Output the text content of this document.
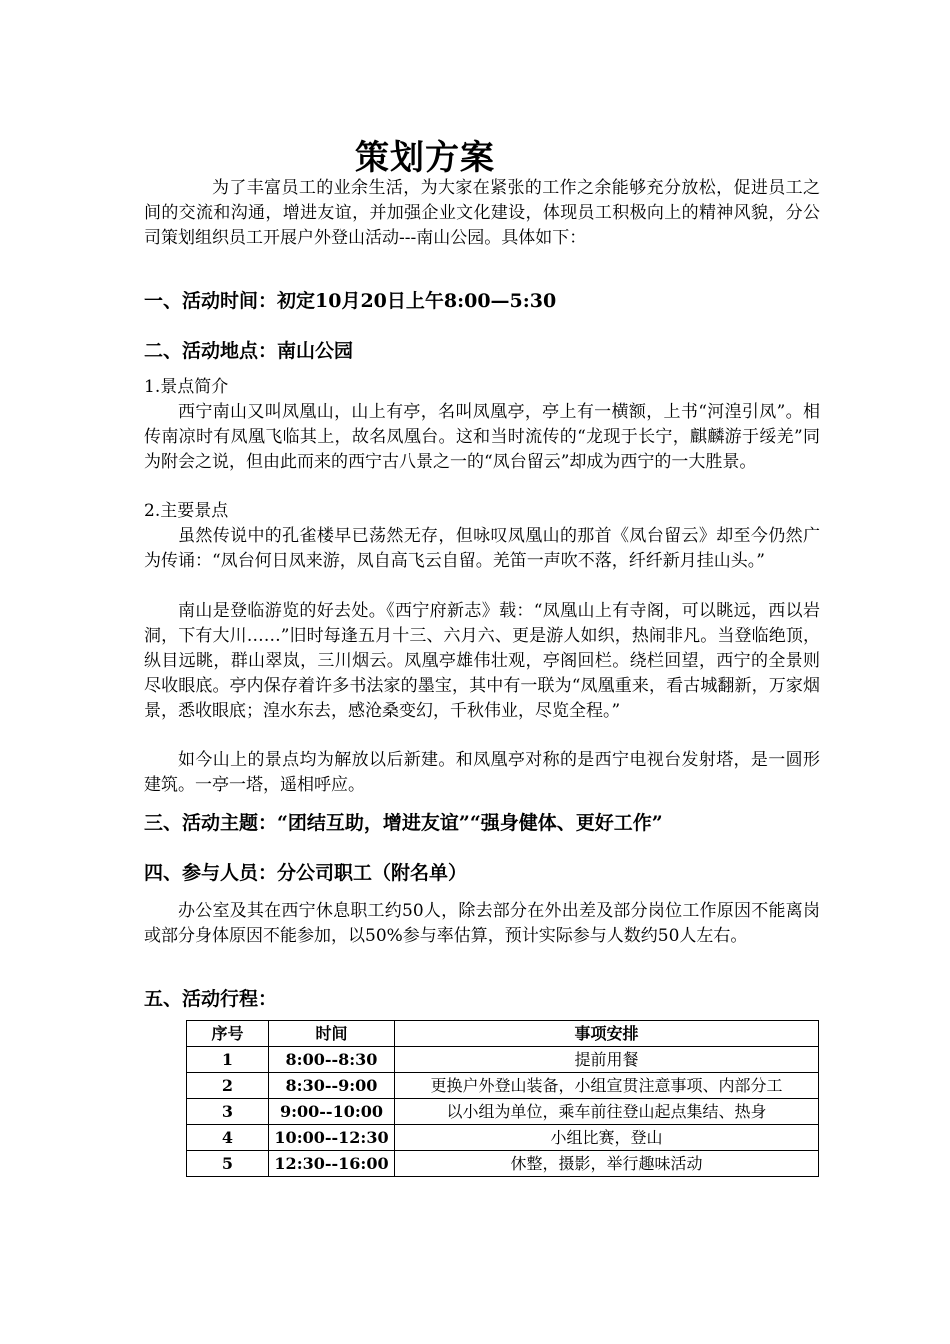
策划方案

为了丰富员工的业余生活，为大家在紧张的工作之余能够充分放松，促进员工之间的交流和沟通，增进友谊，并加强企业文化建设，体现员工积极向上的精神风貌，分公司策划组织员工开展户外登山活动---南山公园。具体如下：

一、活动时间：初定10月20日上午8:00—5:30
二、活动地点：南山公园
1.景点简介

西宁南山又叫凤凰山，山上有亭，名叫凤凰亭，亭上有一横额，上书“河湟引凤”。相传南凉时有凤凰飞临其上，故名凤凰台。这和当时流传的“龙现于长宁，麒麟游于绥羌”同为附会之说，但由此而来的西宁古八景之一的“凤台留云”却成为西宁的一大胜景。

2.主要景点

虽然传说中的孔雀楼早已荡然无存，但咏叹凤凰山的那首《凤台留云》却至今仍然广为传诵：“凤台何日凤来游，凤自高飞云自留。羌笛一声吹不落，纤纤新月挂山头。”

南山是登临游览的好去处。《西宁府新志》载：“凤凰山上有寺阁，可以眺远，西以岩洞，下有大川……”旧时每逢五月十三、六月六、更是游人如织，热闹非凡。当登临绝顶，纵目远眺，群山翠岚，三川烟云。凤凰亭雄伟壮观，亭阁回栏。绕栏回望，西宁的全景则尽收眼底。亭内保存着许多书法家的墨宝，其中有一联为“凤凰重来，看古城翻新，万家烟景，悉收眼底；湟水东去，感沧桑变幻，千秋伟业，尽览全程。”

如今山上的景点均为解放以后新建。和凤凰亭对称的是西宁电视台发射塔，是一圆形建筑。一亭一塔，遥相呼应。

三、活动主题：“团结互助，增进友谊”“强身健体、更好工作”
四、参与人员：分公司职工（附名单）

办公室及其在西宁休息职工约50人，除去部分在外出差及部分岗位工作原因不能离岗或部分身体原因不能参加，以50%参与率估算，预计实际参与人数约50人左右。

五、活动行程：
序号	时间	事项安排
1	8:00--8:30	提前用餐
2	8:30--9:00	更换户外登山装备，小组宣贯注意事项、内部分工
3	9:00--10:00	以小组为单位，乘车前往登山起点集结、热身
4	10:00--12:30	小组比赛，登山
5	12:30--16:00	休整，摄影，举行趣味活动
